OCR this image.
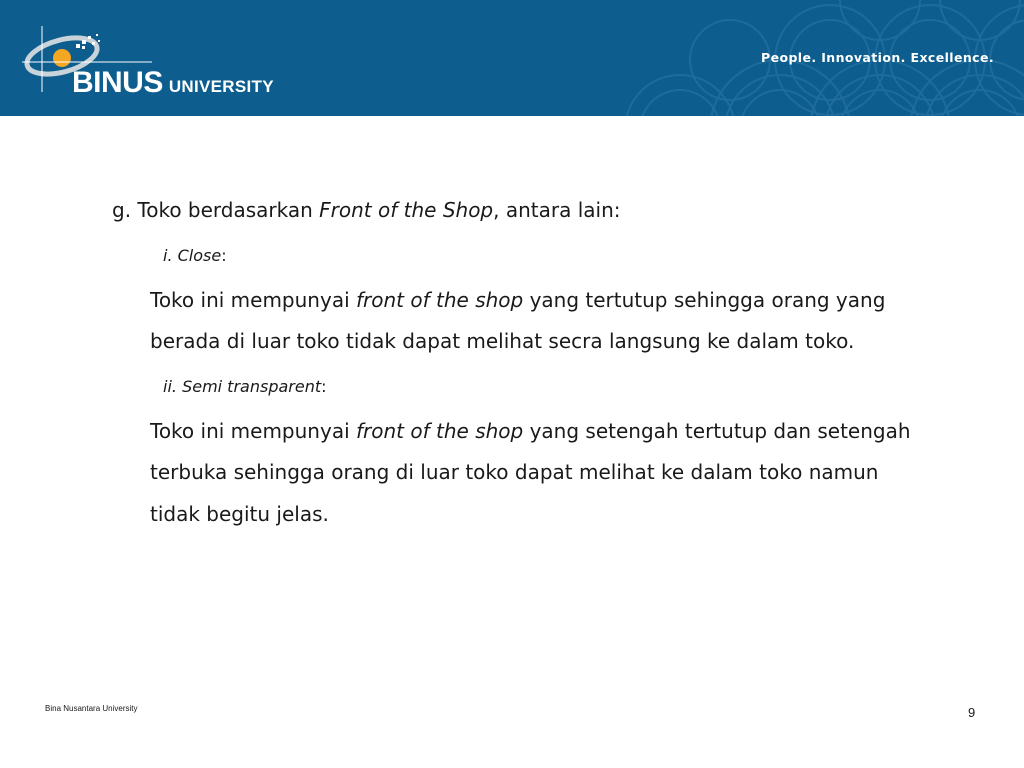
BINUS UNIVERSITY
People. Innovation. Excellence.
g. Toko berdasarkan Front of the Shop, antara lain:
i. Close:
Toko ini mempunyai front of the shop yang tertutup sehingga orang yang
berada di luar toko tidak dapat melihat secra langsung ke dalam toko.
ii. Semi transparent:
Toko ini mempunyai front of the shop yang setengah tertutup dan setengah
terbuka sehingga orang di luar toko dapat melihat ke dalam toko namun
tidak begitu jelas.
Bina Nusantara University	9
